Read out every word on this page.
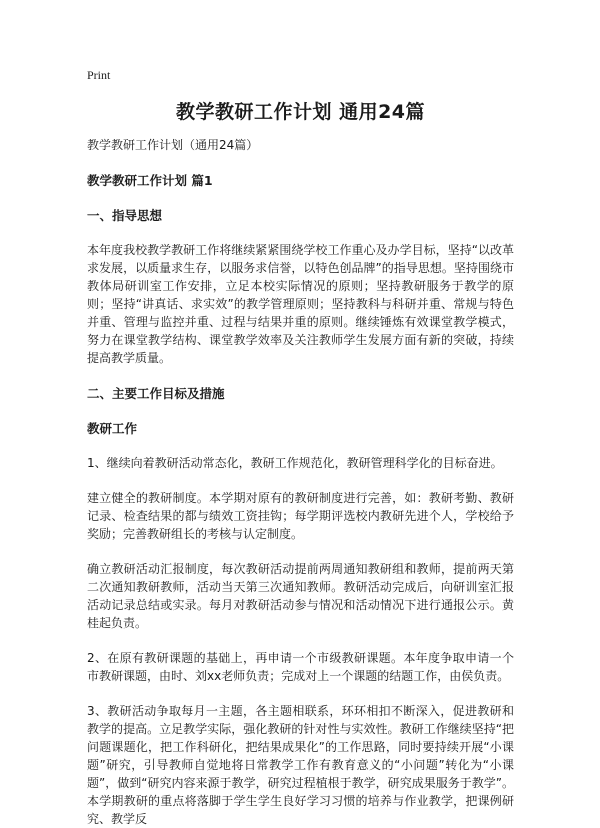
Print
教学教研工作计划 通用24篇

教学教研工作计划（通用24篇）

教学教研工作计划 篇1

一、指导思想

本年度我校教学教研工作将继续紧紧围绕学校工作重心及办学目标，坚持“以改革求发展，以质量求生存，以服务求信誉，以特色创品牌”的指导思想。坚持围绕市教体局研训室工作安排，立足本校实际情况的原则；坚持教研服务于教学的原则；坚持“讲真话、求实效”的教学管理原则；坚持教科与科研并重、常规与特色并重、管理与监控并重、过程与结果并重的原则。继续锤炼有效课堂教学模式，努力在课堂教学结构、课堂教学效率及关注教师学生发展方面有新的突破，持续提高教学质量。

二、主要工作目标及措施

教研工作

1、继续向着教研活动常态化，教研工作规范化，教研管理科学化的目标奋进。

建立健全的教研制度。本学期对原有的教研制度进行完善，如：教研考勤、教研记录、检查结果的都与绩效工资挂钩；每学期评选校内教研先进个人，学校给予奖励；完善教研组长的考核与认定制度。

确立教研活动汇报制度，每次教研活动提前两周通知教研组和教师，提前两天第二次通知教研教师，活动当天第三次通知教师。教研活动完成后，向研训室汇报活动记录总结或实录。每月对教研活动参与情况和活动情况下进行通报公示。黄桂起负责。

2、在原有教研课题的基础上，再申请一个市级教研课题。本年度争取申请一个市教研课题，由时、刘xx老师负责；完成对上一个课题的结题工作，由侯负责。

3、教研活动争取每月一主题，各主题相联系，环环相扣不断深入，促进教研和教学的提高。立足教学实际，强化教研的针对性与实效性。教研工作继续坚持“把问题课题化，把工作科研化，把结果成果化”的工作思路，同时要持续开展“小课题”研究，引导教师自觉地将日常教学工作有教育意义的“小问题”转化为“小课题”，做到“研究内容来源于教学，研究过程植根于教学，研究成果服务于教学”。本学期教研的重点将落脚于学生学生良好学习习惯的培养与作业教学，把课例研究、教学反
